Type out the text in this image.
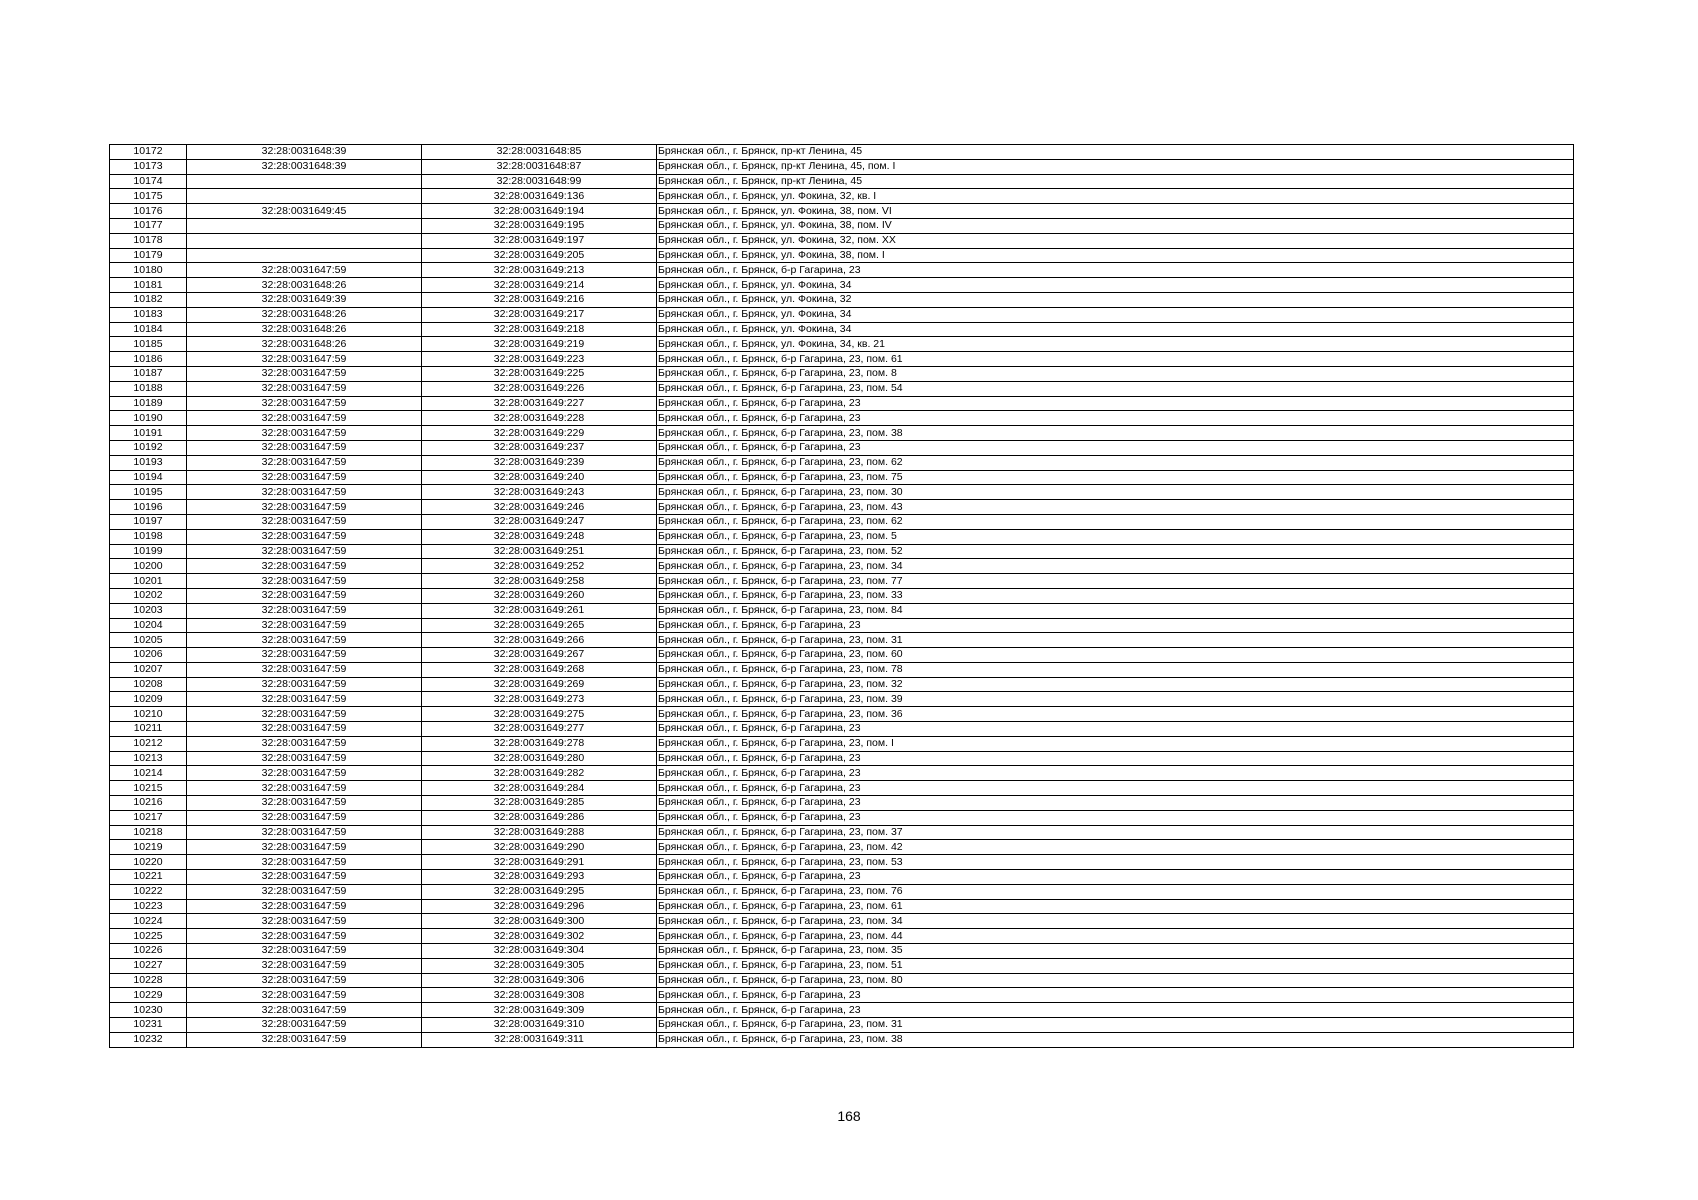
10172	32:28:0031648:39	32:28:0031648:85	Брянская обл., г. Брянск, пр-кт Ленина, 45
10173	32:28:0031648:39	32:28:0031648:87	Брянская обл., г. Брянск, пр-кт Ленина, 45, пом. I
10174		32:28:0031648:99	Брянская обл., г. Брянск, пр-кт Ленина, 45
10175		32:28:0031649:136	Брянская обл., г. Брянск, ул. Фокина, 32, кв. I
10176	32:28:0031649:45	32:28:0031649:194	Брянская обл., г. Брянск, ул. Фокина, 38, пом. VI
10177		32:28:0031649:195	Брянская обл., г. Брянск, ул. Фокина, 38, пом. IV
10178		32:28:0031649:197	Брянская обл., г. Брянск, ул. Фокина, 32, пом. XX
10179		32:28:0031649:205	Брянская обл., г. Брянск, ул. Фокина, 38, пом. I
10180	32:28:0031647:59	32:28:0031649:213	Брянская обл., г. Брянск, б-р Гагарина, 23
10181	32:28:0031648:26	32:28:0031649:214	Брянская обл., г. Брянск, ул. Фокина, 34
10182	32:28:0031649:39	32:28:0031649:216	Брянская обл., г. Брянск, ул. Фокина, 32
10183	32:28:0031648:26	32:28:0031649:217	Брянская обл., г. Брянск, ул. Фокина, 34
10184	32:28:0031648:26	32:28:0031649:218	Брянская обл., г. Брянск, ул. Фокина, 34
10185	32:28:0031648:26	32:28:0031649:219	Брянская обл., г. Брянск, ул. Фокина, 34, кв. 21
10186	32:28:0031647:59	32:28:0031649:223	Брянская обл., г. Брянск, б-р Гагарина, 23, пом. 61
10187	32:28:0031647:59	32:28:0031649:225	Брянская обл., г. Брянск, б-р Гагарина, 23, пом. 8
10188	32:28:0031647:59	32:28:0031649:226	Брянская обл., г. Брянск, б-р Гагарина, 23, пом. 54
10189	32:28:0031647:59	32:28:0031649:227	Брянская обл., г. Брянск, б-р Гагарина, 23
10190	32:28:0031647:59	32:28:0031649:228	Брянская обл., г. Брянск, б-р Гагарина, 23
10191	32:28:0031647:59	32:28:0031649:229	Брянская обл., г. Брянск, б-р Гагарина, 23, пом. 38
10192	32:28:0031647:59	32:28:0031649:237	Брянская обл., г. Брянск, б-р Гагарина, 23
10193	32:28:0031647:59	32:28:0031649:239	Брянская обл., г. Брянск, б-р Гагарина, 23, пом. 62
10194	32:28:0031647:59	32:28:0031649:240	Брянская обл., г. Брянск, б-р Гагарина, 23, пом. 75
10195	32:28:0031647:59	32:28:0031649:243	Брянская обл., г. Брянск, б-р Гагарина, 23, пом. 30
10196	32:28:0031647:59	32:28:0031649:246	Брянская обл., г. Брянск, б-р Гагарина, 23, пом. 43
10197	32:28:0031647:59	32:28:0031649:247	Брянская обл., г. Брянск, б-р Гагарина, 23, пом. 62
10198	32:28:0031647:59	32:28:0031649:248	Брянская обл., г. Брянск, б-р Гагарина, 23, пом. 5
10199	32:28:0031647:59	32:28:0031649:251	Брянская обл., г. Брянск, б-р Гагарина, 23, пом. 52
10200	32:28:0031647:59	32:28:0031649:252	Брянская обл., г. Брянск, б-р Гагарина, 23, пом. 34
10201	32:28:0031647:59	32:28:0031649:258	Брянская обл., г. Брянск, б-р Гагарина, 23, пом. 77
10202	32:28:0031647:59	32:28:0031649:260	Брянская обл., г. Брянск, б-р Гагарина, 23, пом. 33
10203	32:28:0031647:59	32:28:0031649:261	Брянская обл., г. Брянск, б-р Гагарина, 23, пом. 84
10204	32:28:0031647:59	32:28:0031649:265	Брянская обл., г. Брянск, б-р Гагарина, 23
10205	32:28:0031647:59	32:28:0031649:266	Брянская обл., г. Брянск, б-р Гагарина, 23, пом. 31
10206	32:28:0031647:59	32:28:0031649:267	Брянская обл., г. Брянск, б-р Гагарина, 23, пом. 60
10207	32:28:0031647:59	32:28:0031649:268	Брянская обл., г. Брянск, б-р Гагарина, 23, пом. 78
10208	32:28:0031647:59	32:28:0031649:269	Брянская обл., г. Брянск, б-р Гагарина, 23, пом. 32
10209	32:28:0031647:59	32:28:0031649:273	Брянская обл., г. Брянск, б-р Гагарина, 23, пом. 39
10210	32:28:0031647:59	32:28:0031649:275	Брянская обл., г. Брянск, б-р Гагарина, 23, пом. 36
10211	32:28:0031647:59	32:28:0031649:277	Брянская обл., г. Брянск, б-р Гагарина, 23
10212	32:28:0031647:59	32:28:0031649:278	Брянская обл., г. Брянск, б-р Гагарина, 23, пом. I
10213	32:28:0031647:59	32:28:0031649:280	Брянская обл., г. Брянск, б-р Гагарина, 23
10214	32:28:0031647:59	32:28:0031649:282	Брянская обл., г. Брянск, б-р Гагарина, 23
10215	32:28:0031647:59	32:28:0031649:284	Брянская обл., г. Брянск, б-р Гагарина, 23
10216	32:28:0031647:59	32:28:0031649:285	Брянская обл., г. Брянск, б-р Гагарина, 23
10217	32:28:0031647:59	32:28:0031649:286	Брянская обл., г. Брянск, б-р Гагарина, 23
10218	32:28:0031647:59	32:28:0031649:288	Брянская обл., г. Брянск, б-р Гагарина, 23, пом. 37
10219	32:28:0031647:59	32:28:0031649:290	Брянская обл., г. Брянск, б-р Гагарина, 23, пом. 42
10220	32:28:0031647:59	32:28:0031649:291	Брянская обл., г. Брянск, б-р Гагарина, 23, пом. 53
10221	32:28:0031647:59	32:28:0031649:293	Брянская обл., г. Брянск, б-р Гагарина, 23
10222	32:28:0031647:59	32:28:0031649:295	Брянская обл., г. Брянск, б-р Гагарина, 23, пом. 76
10223	32:28:0031647:59	32:28:0031649:296	Брянская обл., г. Брянск, б-р Гагарина, 23, пом. 61
10224	32:28:0031647:59	32:28:0031649:300	Брянская обл., г. Брянск, б-р Гагарина, 23, пом. 34
10225	32:28:0031647:59	32:28:0031649:302	Брянская обл., г. Брянск, б-р Гагарина, 23, пом. 44
10226	32:28:0031647:59	32:28:0031649:304	Брянская обл., г. Брянск, б-р Гагарина, 23, пом. 35
10227	32:28:0031647:59	32:28:0031649:305	Брянская обл., г. Брянск, б-р Гагарина, 23, пом. 51
10228	32:28:0031647:59	32:28:0031649:306	Брянская обл., г. Брянск, б-р Гагарина, 23, пом. 80
10229	32:28:0031647:59	32:28:0031649:308	Брянская обл., г. Брянск, б-р Гагарина, 23
10230	32:28:0031647:59	32:28:0031649:309	Брянская обл., г. Брянск, б-р Гагарина, 23
10231	32:28:0031647:59	32:28:0031649:310	Брянская обл., г. Брянск, б-р Гагарина, 23, пом. 31
10232	32:28:0031647:59	32:28:0031649:311	Брянская обл., г. Брянск, б-р Гагарина, 23, пом. 38
168
